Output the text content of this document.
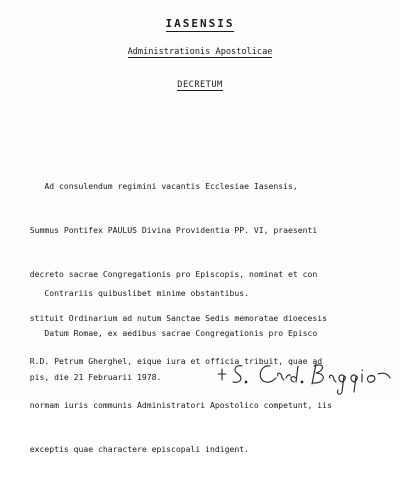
IASENSIS
Administrationis Apostolicae
DECRETUM

Ad consulendum regimini vacantis Ecclesiae Iasensis,

Summus Pontifex PAULUS Divina Providentia PP. VI, praesenti

decreto sacrae Congregationis pro Episcopis, nominat et con

stituit Ordinarium ad nutum Sanctae Sedis memoratae dioecesis

R.D. Petrum Gherghel, eique iura et officia tribuit, quae ad

normam iuris communis Administratori Apostolico competunt, iis

exceptis quae charactere episcopali indigent.

Contrariis quibuslibet minime obstantibus.

Datum Romae, ex aedibus sacrae Congregationis pro Episco

pis, die 21 Februarii 1978.
